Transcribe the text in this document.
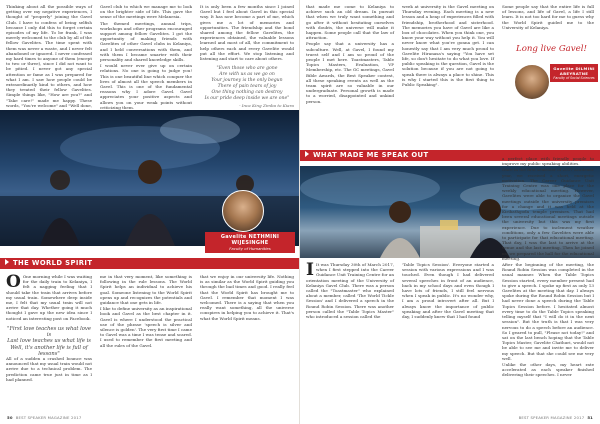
Thinking about all the possible ways of getting over my negative experiences, I thought of "properly" joining the Gavel Club. I have to confess of being selfish because I only did this to forget certain episodes of my life. To be frank, I was merely welcomed to the club by all of the fellow Gavelites. The time spent with them was never a waste, and I never felt abandoned or ignored. I never confessed my hard times to anyone of them (except to two or three), since I did not want to be pitied. I never got any special attention or fame as I was prepared for what I am. I saw how people could be extraordinarily kind to others, and how they treated their fellow Gavelites. Simple things like, "How are you?" and "Take care!" made me happy. These words, "You're welcome" and "Well done,

Gavel club to which we manage me to look on the brighter side of life. This gave the sense of the meetings were Melanesia.

The themed meetings, annual trips, workshops and other programs encouraged support among fellow Gavelites. I got the opportunity of making friends with Gavelites of other Gavel clubs in Kelaniya, and I held conversations with them, and with them I became smarter with their personality and shared knowledge skills.

I would never ever give up on certain relations. No one is going to judge you! This is one beautiful line which conquer the lives of almost all the speech members in Gavel. This is one of the fundamental reasons why I adore Gavel. Gavel appreciates your positive aspects and allows you on your weak points without criticizing them.

It is only been a few months since I joined Gavel but I feel about Gavel in this special way. It has now become a part of me, which gives me a lot of memories and opportunities. The friendship and the bond shared among the fellow Gavelites, the experiences obtained, the valuable lessons learned and most of all, the commitment to help others each and every Gavelite would put all the effort. We stop listening and listening and start to care about others.

"Even those who are gone
Are with us as we go on
Your journey is the only begun
There of pain tears of joy
One thing nothing can destroy
Is our pride deep inside we are one"

- Inca King Zimba to Kiara

Gavelite NETHMINI WIJESINGHE
Faculty of Humanities
THE WORLD SPIRIT

O One morning while I was waiting for the daily train to Kelaniya, I felt a nagging feeling that I should take the train that arrives before my usual train. Somewhere deep inside me, I felt that my usual train will not arrive that day. Whether going it much thought I gave up the new idea since I noticed an interesting post on Facebook.

"First love teaches us what love is
Last love teaches us what life is
Well, it's another life is full of lessons"

All of a sudden a crashed bounce was announced that my usual train would not arrive due to a technical problem. The prediction came true just in time as I had planned.

me in that very moment, like something is following in the rule lessons. The World Spirit helps an individual to achieve his goal. Someone listening to the World Spirit opens up and recognizes the potentials and guidance that one gets in life.

I like to define university as an inspirational book and Gavel as the best chapter in it. Gavel is where I understood the practical use of the phrase 'speech is silver and silence is golden'. The very first time I came to Gavel was a time I was tense and scared. I used to remember the first meeting and all the rules of the Gavel.

that we enjoy in our university life. Nothing is as similar as the World Spirit guiding you through the bad times and good. I really feel that the World Spirit has brought me to Gavel. I remember that moment I was welcomed. There is a saying that when you really want something, all the universe conspires in helping you to achieve it. That's what the World Spirit means.

50 BEST SPEAKER MAGAZINE 2017

that made me come to Kelaniya to achieve such an old dream. In pursuit that when we truly want something and go after it without hesitating ourselves with doubts, the universe will make it happen. Some people call that the law of attraction.

People say that a university has a subculture. Well, at Gavel, I found my truest self and I am so proud of the people I met here. Toastmasters, Table Topics Masters, Evaluation, VP Membership, etc. The GC meetings, Gavel Bible Awards, the Best Speaker contest, all these speaking events as well as the team spirit are so valuable in our undergraduate. Personal growth is made to a worried, disappointed and unkind person.

week at university is the Gavel meeting on Thursday evening. Each meeting is a new lesson and a heap of experiences filled with friendship, brotherhood and sisterhood. The memories you have of Gavel are like a box of chocolates. When you think one, you know your way without you help it. You will never know what you're gonna get. I can honestly say that I am very much proud to Gavelite Hiranasa's saying "You have set life, so don't hesitate to do what you love. If public speaking is the question, Gavel is the solution because if you are not going to speak there is always a place to shine. This is why I started this is the first thing to Public Speaking".

Some people say that the entire life is full of lessons, and life of Gavel, a life I still learn. It is not too hard for me to guess why the World Spirit guided me to the University of Kelaniya.

Long live Gavel!
Gavelite DILMINI ABEYRATNE
Faculty of Social Sciences
WHAT MADE ME SPEAK OUT

I It was Thursday 30th of March 2017, when I first stepped into the Career Guidance Unit Training Centre for an orientation meeting of the University of Kelaniya Gavel Club. There was a person called the "Toastmaster" who explained about a member, called 'The World Tickle Session' and I delivered a speech in the Round Robin Session. There was another person called the "Table Topics Master" who introduced a session called the

'Table Topics Session'. Everyone started a session with various expressions and I was touched. Even though I had delivered several speeches in front of an audience, back in my school days and even though I have lots of friends, I still feel nervous when I speak in public. It's no wonder why, I am a proud introvert after all. But I always know the importance of public speaking and after the Gavel meeting that day, I suddenly knew that I had found

a perfect place with friendly people to improve my public speaking abilities.

Once in the first semester of 2017 academic year, we received a short, energetic motivation. The Career Guidance Unit Training Centre was one place for the weekly educational meeting. However, Gavelites were able to organize the Gavel meetings outside the university premises for a change and it was held at the Kiribathgoda temple premises. That had been several educational meetings outside the university but this was my first experience. Due to inclement weather conditions, only a few Gavelites were able to participate for that educational meeting. That day, I was the last to arrive at the venue and the last meeting. Then he joined us, we prepared the hall for the educational meeting.

After the beginning of the meeting, the Round Robin Session was completed in the usual manner. When the Table Topics Session started, every member present had to give a speech. I spoke up first as only 13 Gavelites at the meeting that day. I always spoke during the Round Robin Session but I had never done a speech during the Table Topics Session before. I hesitated almost every time to do the Table Topics speaking telling myself that "I will do it in the next session". But the truth is that I was very nervous to do a speech before an audience. So I geared to pull, "Please not today!" and sat on the last bench hoping that the Table Topics Master, Gavelite Chathuri, would not be able to see me and invite me to deliver my speech. But that she could see me very well.

Unlike the other days, my heart rate accelerated as each speaker finished delivering their speeches. I never

BEST SPEAKER MAGAZINE 2017 51
